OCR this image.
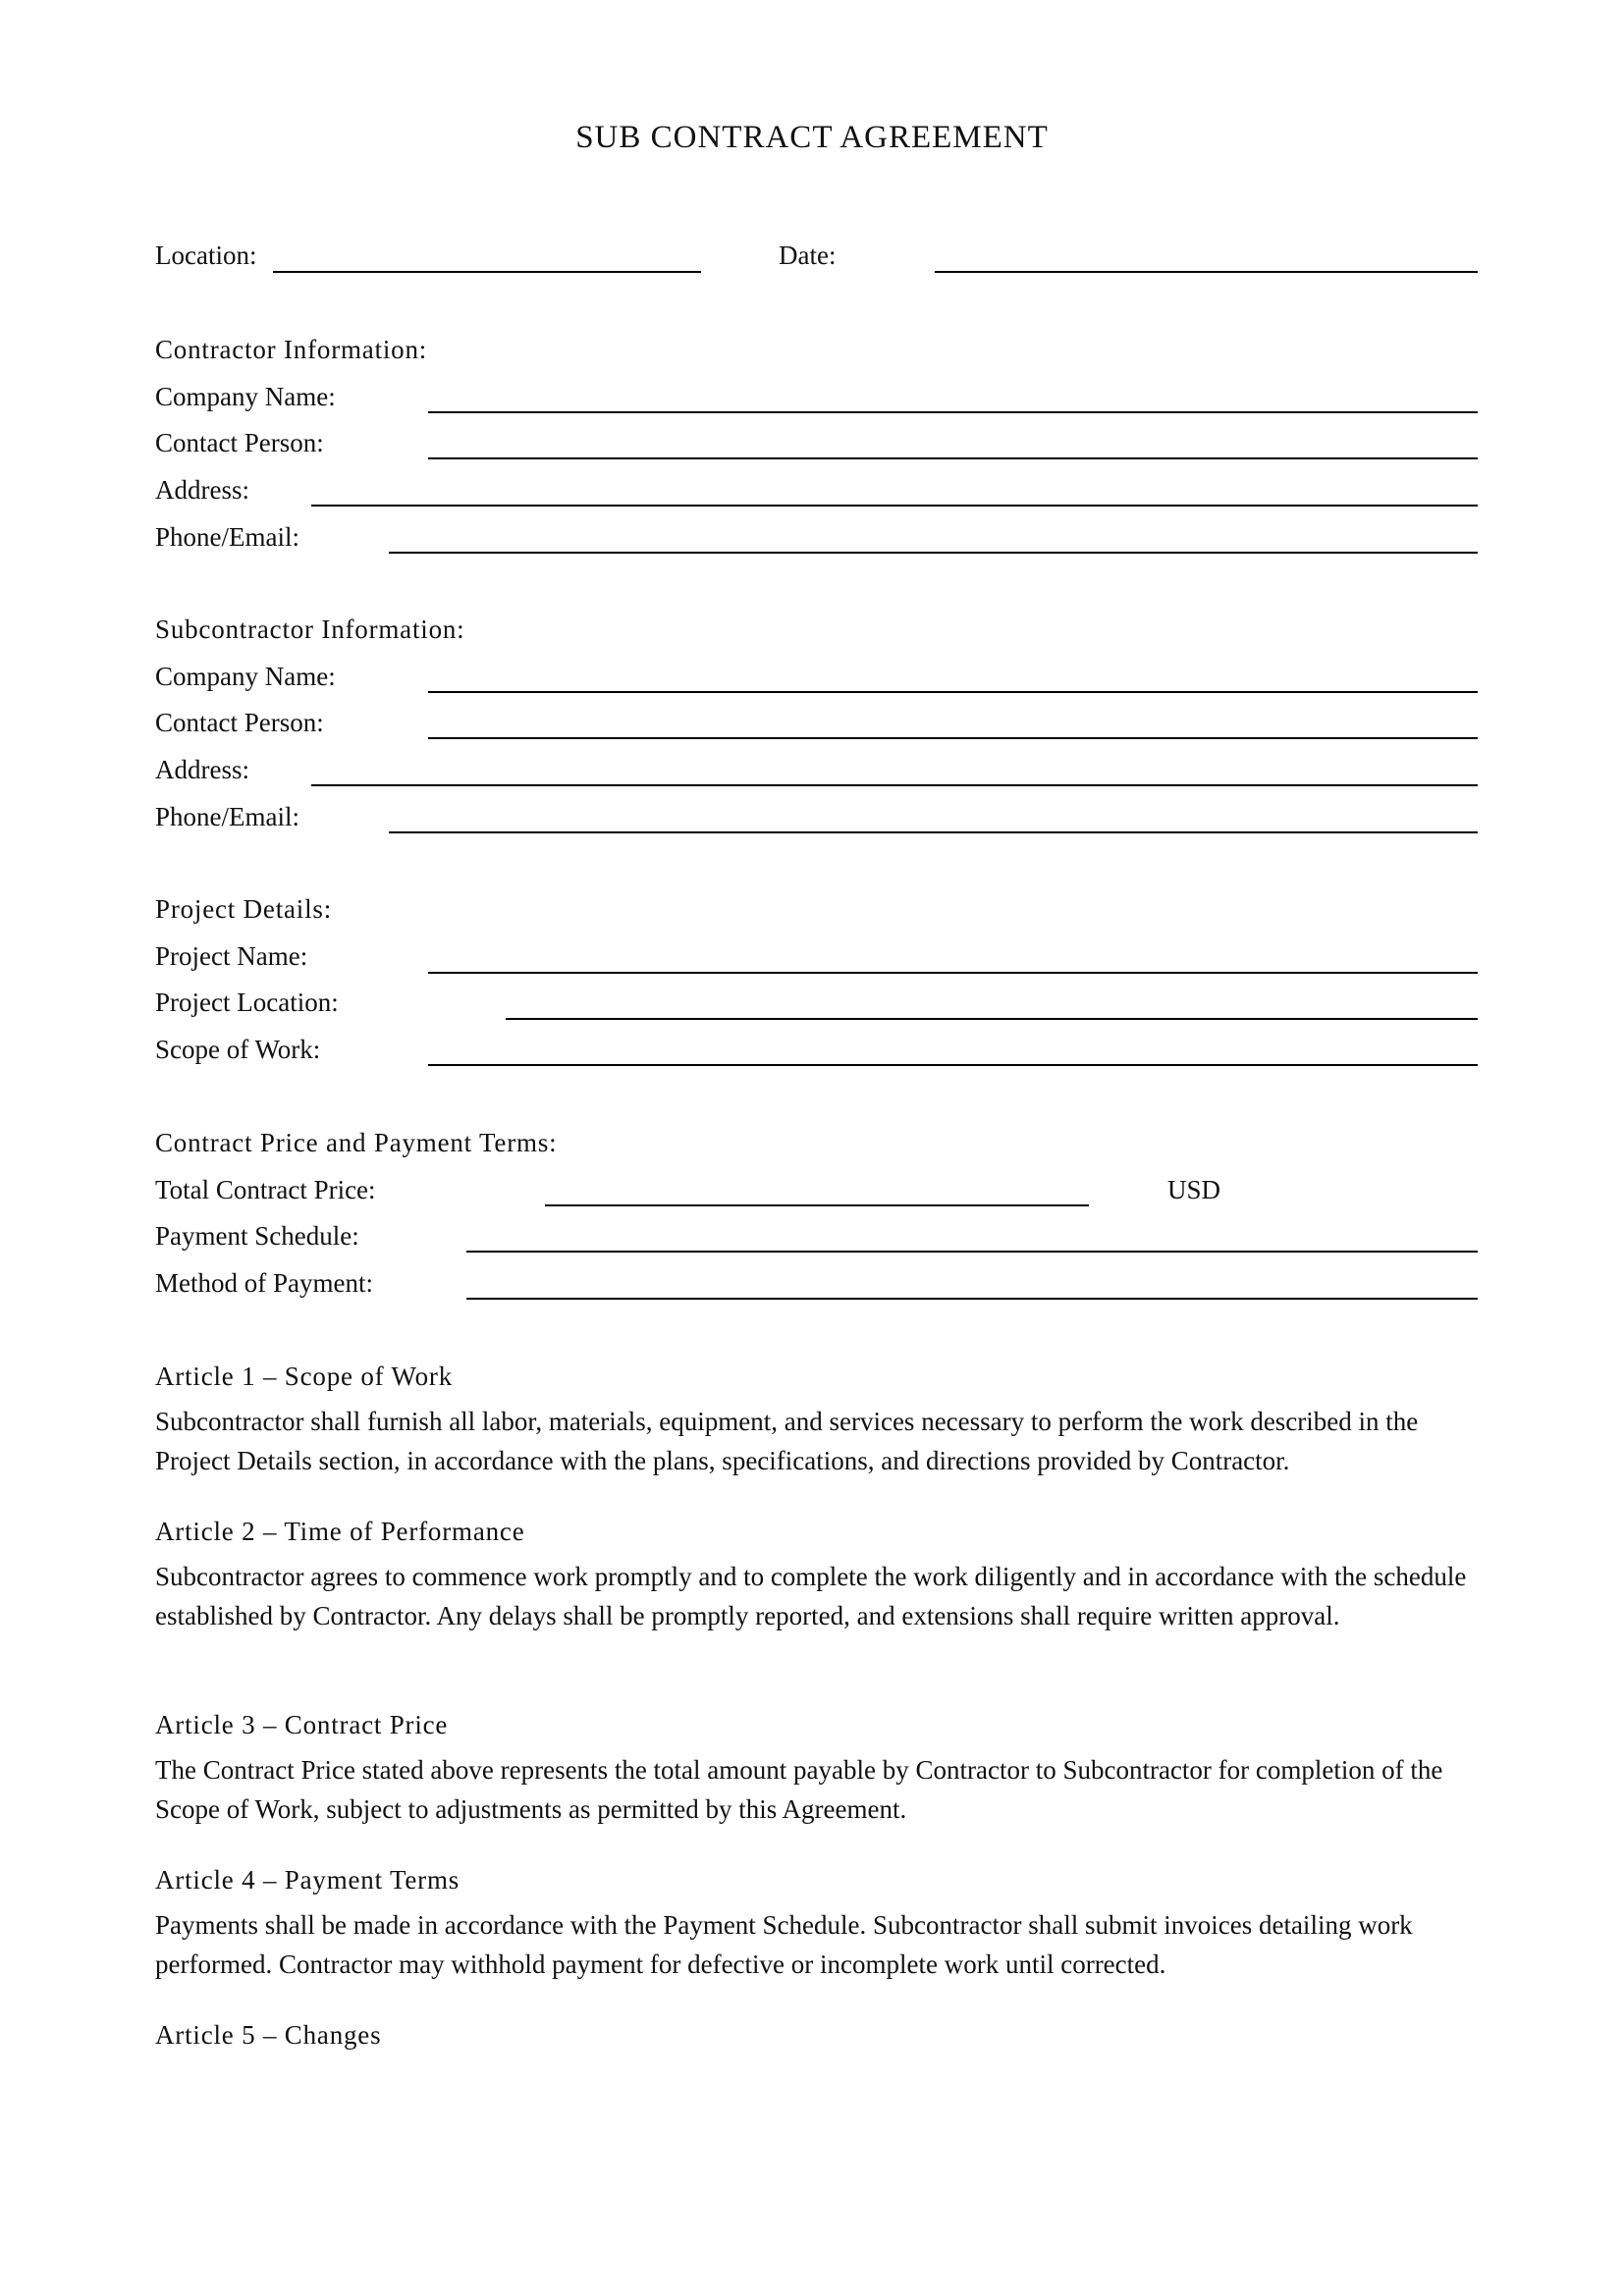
SUB CONTRACT AGREEMENT
Location:	Date:
Contractor Information:
Company Name:
Contact Person:
Address:
Phone/Email:
Subcontractor Information:
Company Name:
Contact Person:
Address:
Phone/Email:
Project Details:
Project Name:
Project Location:
Scope of Work:
Contract Price and Payment Terms:
Total Contract Price:	USD
Payment Schedule:
Method of Payment:
Article 1 – Scope of Work
Subcontractor shall furnish all labor, materials, equipment, and services necessary to perform the work described in the Project Details section, in accordance with the plans, specifications, and directions provided by Contractor.
Article 2 – Time of Performance
Subcontractor agrees to commence work promptly and to complete the work diligently and in accordance with the schedule established by Contractor. Any delays shall be promptly reported, and extensions shall require written approval.
Article 3 – Contract Price
The Contract Price stated above represents the total amount payable by Contractor to Subcontractor for completion of the Scope of Work, subject to adjustments as permitted by this Agreement.
Article 4 – Payment Terms
Payments shall be made in accordance with the Payment Schedule. Subcontractor shall submit invoices detailing work performed. Contractor may withhold payment for defective or incomplete work until corrected.
Article 5 – Changes
